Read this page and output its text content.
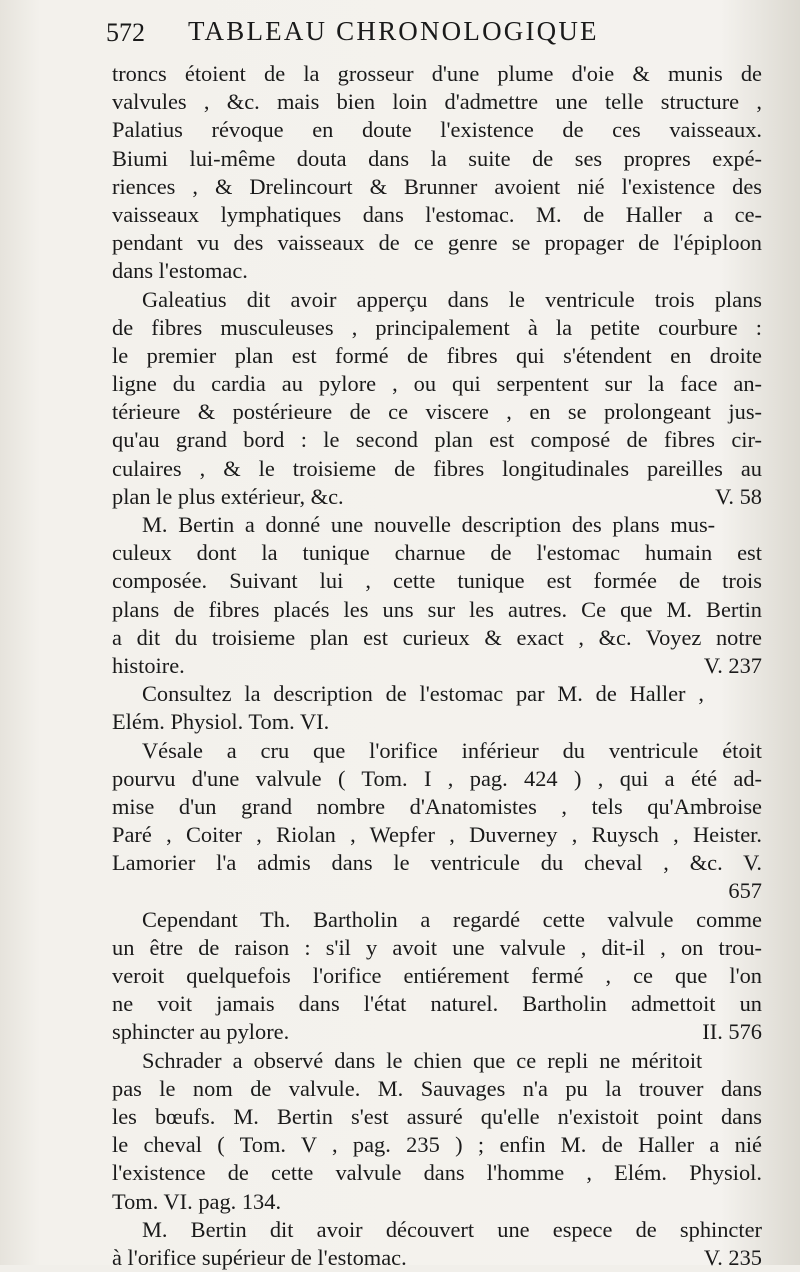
572 TABLEAU CHRONOLOGIQUE
troncs étoient de la grosseur d'une plume d'oie & munis de
valvules , &c. mais bien loin d'admettre une telle structure ,
Palatius révoque en doute l'existence de ces vaisseaux.
Biumi lui-même douta dans la suite de ses propres expé-
riences , & Drelincourt & Brunner avoient nié l'existence des
vaisseaux lymphatiques dans l'estomac. M. de Haller a ce-
pendant vu des vaisseaux de ce genre se propager de l'épiploon
dans l'estomac.
Galeatius dit avoir apperçu dans le ventricule trois plans
de fibres musculeuses , principalement à la petite courbure :
le premier plan est formé de fibres qui s'étendent en droite
ligne du cardia au pylore , ou qui serpentent sur la face an-
térieure & postérieure de ce viscere , en se prolongeant jus-
qu'au grand bord : le second plan est composé de fibres cir-
culaires , & le troisieme de fibres longitudinales pareilles au
plan le plus extérieur, &c.	V. 58
M. Bertin a donné une nouvelle description des plans mus-
culeux dont la tunique charnue de l'estomac humain est
composée. Suivant lui , cette tunique est formée de trois
plans de fibres placés les uns sur les autres. Ce que M. Bertin
a dit du troisieme plan est curieux & exact , &c. Voyez notre
histoire.	V. 237
Consultez la description de l'estomac par M. de Haller ,
Elém. Physiol. Tom. VI.
Vésale a cru que l'orifice inférieur du ventricule étoit
pourvu d'une valvule ( Tom. I , pag. 424 ) , qui a été ad-
mise d'un grand nombre d'Anatomistes , tels qu'Ambroise
Paré , Coiter , Riolan , Wepfer , Duverney , Ruysch , Heister.
Lamorier l'a admis dans le ventricule du cheval , &c. V.
657
Cependant Th. Bartholin a regardé cette valvule comme
un être de raison : s'il y avoit une valvule , dit-il , on trou-
veroit quelquefois l'orifice entiérement fermé , ce que l'on
ne voit jamais dans l'état naturel. Bartholin admettoit un
sphincter au pylore.	II. 576
Schrader a observé dans le chien que ce repli ne méritoit
pas le nom de valvule. M. Sauvages n'a pu la trouver dans
les bœufs. M. Bertin s'est assuré qu'elle n'existoit point dans
le cheval ( Tom. V , pag. 235 ) ; enfin M. de Haller a nié
l'existence de cette valvule dans l'homme , Elém. Physiol.
Tom. VI. pag. 134.
M. Bertin dit avoir découvert une espece de sphincter
à l'orifice supérieur de l'estomac.	V. 235
